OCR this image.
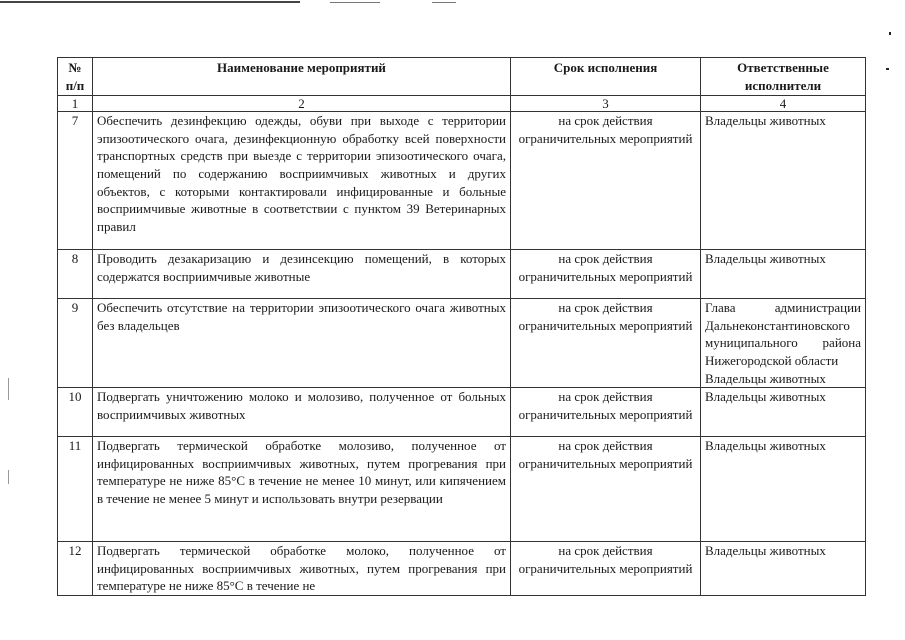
№ п/п	Наименование мероприятий	Срок исполнения	Ответственные исполнители
1	2	3	4
7	Обеспечить дезинфекцию одежды, обуви при выходе с территории эпизоотического очага, дезинфекционную обработку всей поверхности транспортных средств при выезде с территории эпизоотического очага, помещений по содержанию восприимчивых животных и других объектов, с которыми контактировали инфицированные и больные восприимчивые животные в соответствии с пунктом 39 Ветеринарных правил	на срок действия ограничительных мероприятий	Владельцы животных

8	Проводить дезакаризацию и дезинсекцию помещений, в которых содержатся восприимчивые животные	на срок действия ограничительных мероприятий	Владельцы животных

9	Обеспечить отсутствие на территории эпизоотического очага животных без владельцев	на срок действия ограничительных мероприятий	Глава администрации
Дальнеконстантиновского
муниципального района
Нижегородской области
Владельцы животных

10	Подвергать уничтожению молоко и молозиво, полученное от больных восприимчивых животных	на срок действия ограничительных мероприятий	Владельцы животных

11	Подвергать термической обработке молозиво, полученное от инфицированных восприимчивых животных, путем прогревания при температуре не ниже 85°С в течение не менее 10 минут, или кипячением в течение не менее 5 минут и использовать внутри резервации	на срок действия ограничительных мероприятий	Владельцы животных

12	Подвергать термической обработке молоко, полученное от инфицированных восприимчивых животных, путем прогревания при температуре не ниже 85°С в течение не	на срок действия ограничительных мероприятий	Владельцы животных
